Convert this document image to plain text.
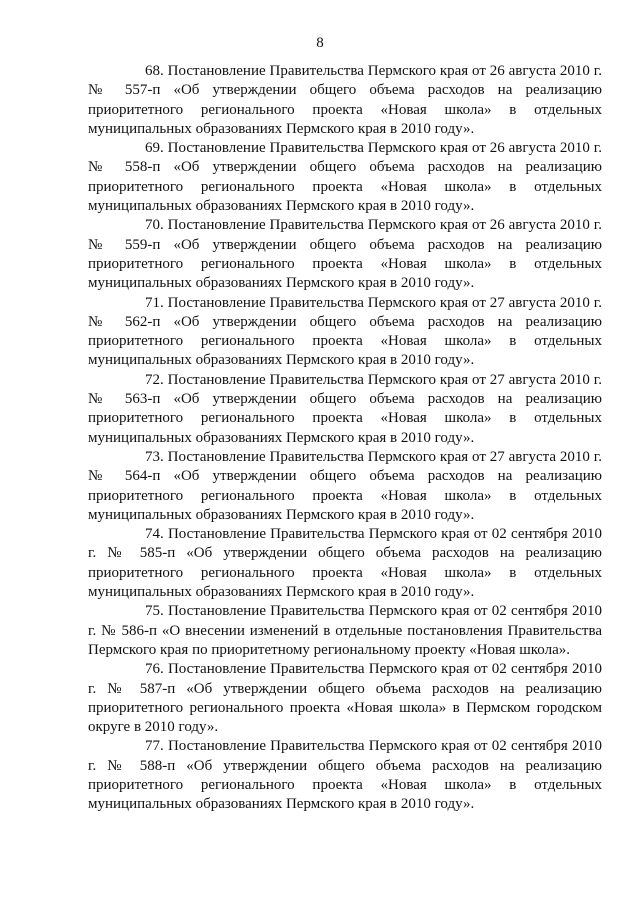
8

68. Постановление Правительства Пермского края от 26 августа 2010 г. № 557-п «Об утверждении общего объема расходов на реализацию приоритетного регионального проекта «Новая школа» в отдельных муниципальных образованиях Пермского края в 2010 году».

69. Постановление Правительства Пермского края от 26 августа 2010 г. № 558-п «Об утверждении общего объема расходов на реализацию приоритетного регионального проекта «Новая школа» в отдельных муниципальных образованиях Пермского края в 2010 году».

70. Постановление Правительства Пермского края от 26 августа 2010 г. № 559-п «Об утверждении общего объема расходов на реализацию приоритетного регионального проекта «Новая школа» в отдельных муниципальных образованиях Пермского края в 2010 году».

71. Постановление Правительства Пермского края от 27 августа 2010 г. № 562-п «Об утверждении общего объема расходов на реализацию приоритетного регионального проекта «Новая школа» в отдельных муниципальных образованиях Пермского края в 2010 году».

72. Постановление Правительства Пермского края от 27 августа 2010 г. № 563-п «Об утверждении общего объема расходов на реализацию приоритетного регионального проекта «Новая школа» в отдельных муниципальных образованиях Пермского края в 2010 году».

73. Постановление Правительства Пермского края от 27 августа 2010 г. № 564-п «Об утверждении общего объема расходов на реализацию приоритетного регионального проекта «Новая школа» в отдельных муниципальных образованиях Пермского края в 2010 году».

74. Постановление Правительства Пермского края от 02 сентября 2010 г. № 585-п «Об утверждении общего объема расходов на реализацию приоритетного регионального проекта «Новая школа» в отдельных муниципальных образованиях Пермского края в 2010 году».

75. Постановление Правительства Пермского края от 02 сентября 2010 г. № 586-п «О внесении изменений в отдельные постановления Правительства Пермского края по приоритетному региональному проекту «Новая школа».

76. Постановление Правительства Пермского края от 02 сентября 2010 г. № 587-п «Об утверждении общего объема расходов на реализацию приоритетного регионального проекта «Новая школа» в Пермском городском округе в 2010 году».

77. Постановление Правительства Пермского края от 02 сентября 2010 г. № 588-п «Об утверждении общего объема расходов на реализацию приоритетного регионального проекта «Новая школа» в отдельных муниципальных образованиях Пермского края в 2010 году».
